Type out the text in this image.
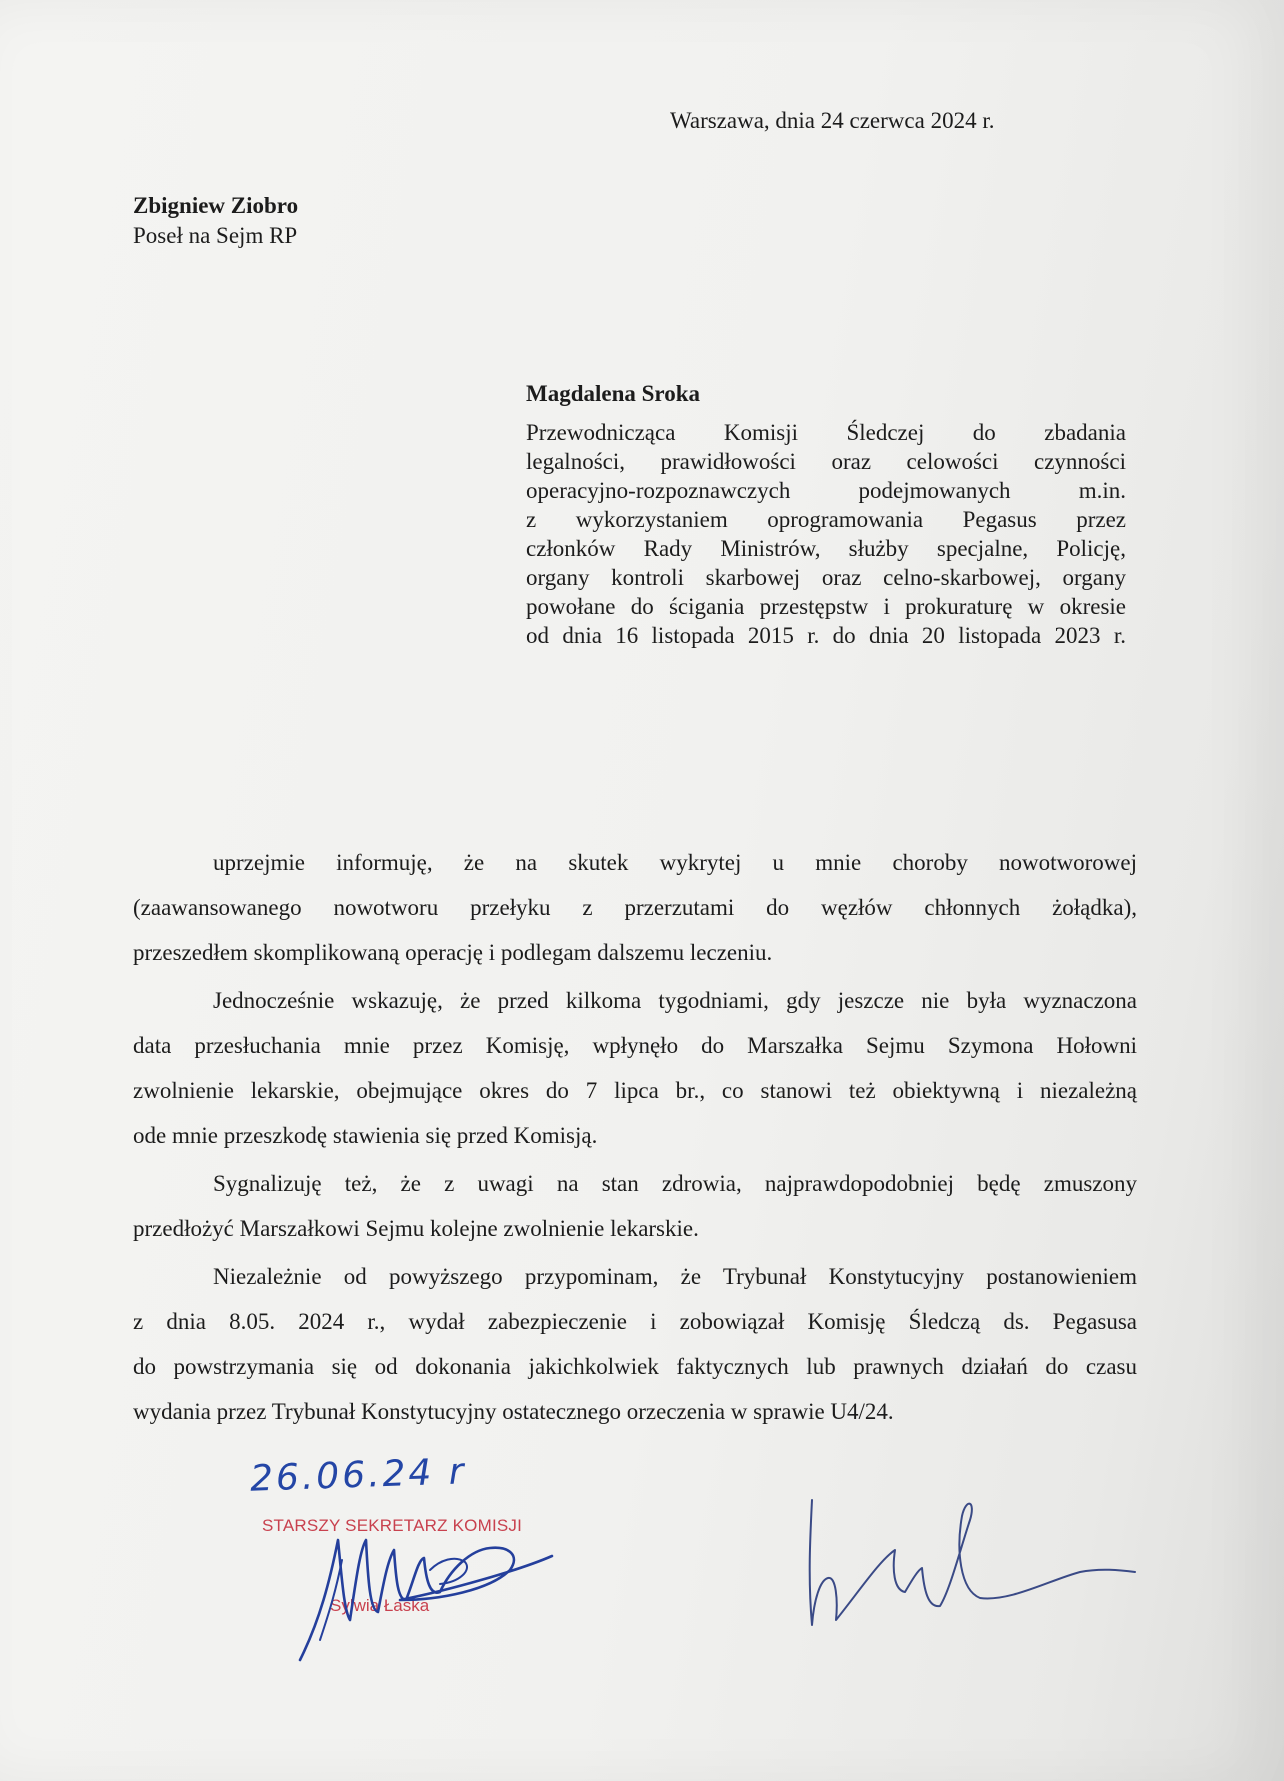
Warszawa, dnia 24 czerwca 2024 r.
Zbigniew Ziobro
Poseł na Sejm RP
Magdalena Sroka
Przewodnicząca Komisji Śledczej do zbadania
legalności, prawidłowości oraz celowości czynności
operacyjno-rozpoznawczych podejmowanych m.in.
z wykorzystaniem oprogramowania Pegasus przez
członków Rady Ministrów, służby specjalne, Policję,
organy kontroli skarbowej oraz celno-skarbowej, organy
powołane do ścigania przestępstw i prokuraturę w okresie
od dnia 16 listopada 2015 r. do dnia 20 listopada 2023 r.
uprzejmie informuję, że na skutek wykrytej u mnie choroby nowotworowej
(zaawansowanego nowotworu przełyku z przerzutami do węzłów chłonnych żołądka),
przeszedłem skomplikowaną operację i podlegam dalszemu leczeniu.
Jednocześnie wskazuję, że przed kilkoma tygodniami, gdy jeszcze nie była wyznaczona
data przesłuchania mnie przez Komisję, wpłynęło do Marszałka Sejmu Szymona Hołowni
zwolnienie lekarskie, obejmujące okres do 7 lipca br., co stanowi też obiektywną i niezależną
ode mnie przeszkodę stawienia się przed Komisją.
Sygnalizuję też, że z uwagi na stan zdrowia, najprawdopodobniej będę zmuszony
przedłożyć Marszałkowi Sejmu kolejne zwolnienie lekarskie.
Niezależnie od powyższego przypominam, że Trybunał Konstytucyjny postanowieniem
z dnia 8.05. 2024 r., wydał zabezpieczenie i zobowiązał Komisję Śledczą ds. Pegasusa
do powstrzymania się od dokonania jakichkolwiek faktycznych lub prawnych działań do czasu
wydania przez Trybunał Konstytucyjny ostatecznego orzeczenia w sprawie U4/24.
26.06.24 r
STARSZY SEKRETARZ KOMISJI
Sylwia Łaska
